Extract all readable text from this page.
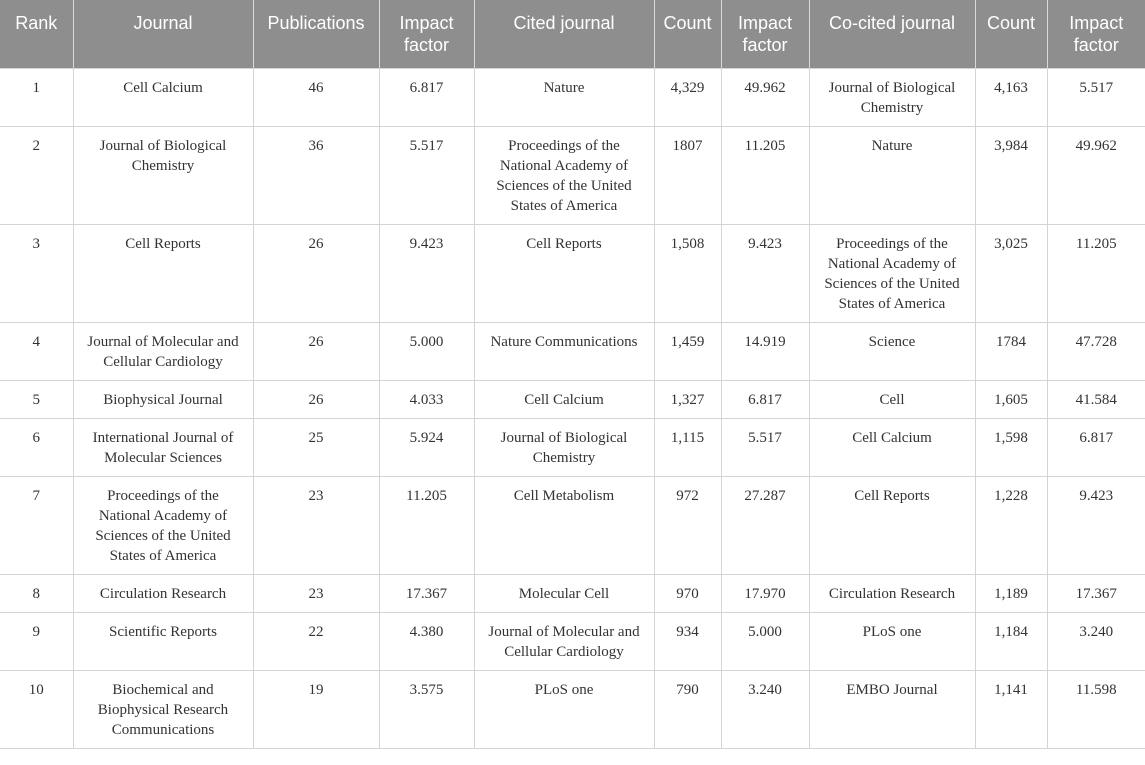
Rank	Journal	Publications	Impact factor	Cited journal	Count	Impact factor	Co-cited journal	Count	Impact factor
1	Cell Calcium	46	6.817	Nature	4,329	49.962	Journal of Biological Chemistry	4,163	5.517
2	Journal of Biological Chemistry	36	5.517	Proceedings of the National Academy of Sciences of the United States of America	1807	11.205	Nature	3,984	49.962
3	Cell Reports	26	9.423	Cell Reports	1,508	9.423	Proceedings of the National Academy of Sciences of the United States of America	3,025	11.205
4	Journal of Molecular and Cellular Cardiology	26	5.000	Nature Communications	1,459	14.919	Science	1784	47.728
5	Biophysical Journal	26	4.033	Cell Calcium	1,327	6.817	Cell	1,605	41.584
6	International Journal of Molecular Sciences	25	5.924	Journal of Biological Chemistry	1,115	5.517	Cell Calcium	1,598	6.817
7	Proceedings of the National Academy of Sciences of the United States of America	23	11.205	Cell Metabolism	972	27.287	Cell Reports	1,228	9.423
8	Circulation Research	23	17.367	Molecular Cell	970	17.970	Circulation Research	1,189	17.367
9	Scientific Reports	22	4.380	Journal of Molecular and Cellular Cardiology	934	5.000	PLoS one	1,184	3.240
10	Biochemical and Biophysical Research Communications	19	3.575	PLoS one	790	3.240	EMBO Journal	1,141	11.598
